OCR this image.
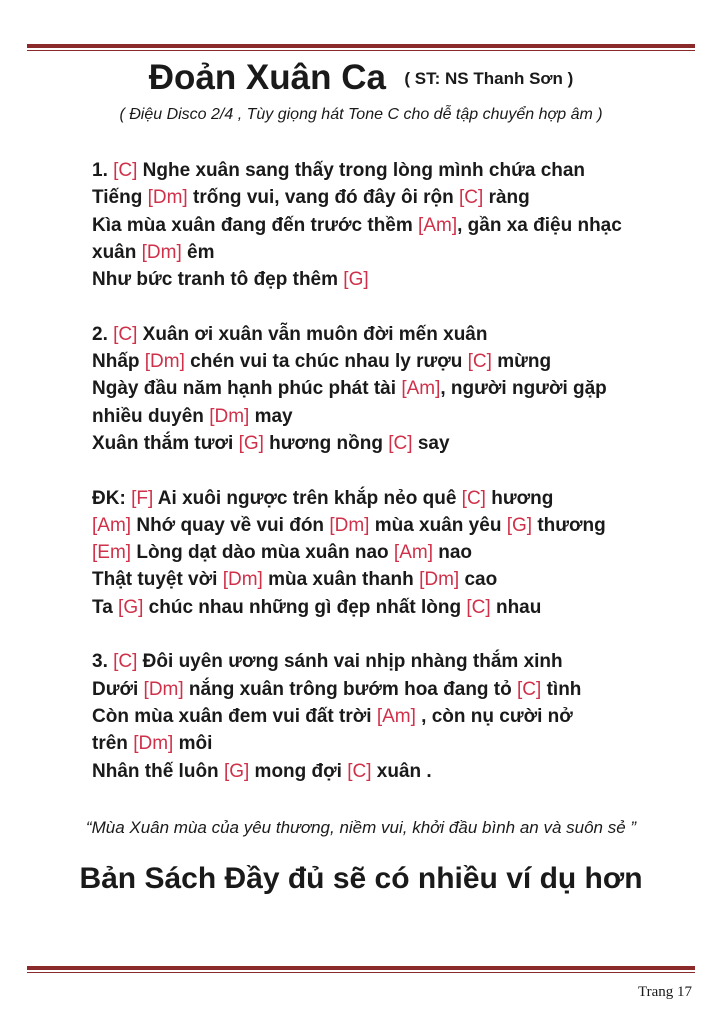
Đoản Xuân Ca ( ST: NS Thanh Sơn )
( Điệu Disco 2/4 , Tùy giọng hát Tone C cho dễ tập chuyển hợp âm )
1. [C] Nghe xuân sang thấy trong lòng mình chứa chan
Tiếng [Dm] trống vui, vang đó đây ôi rộn [C] ràng
Kìa mùa xuân đang đến trước thềm [Am], gần xa điệu nhạc
xuân [Dm] êm
Như bức tranh tô đẹp thêm [G]
2. [C] Xuân ơi xuân vẫn muôn đời mến xuân
Nhấp [Dm] chén vui ta chúc nhau ly rượu [C] mừng
Ngày đầu năm hạnh phúc phát tài [Am], người người gặp
nhiều duyên [Dm] may
Xuân thắm tươi [G] hương nồng [C] say
ĐK: [F] Ai xuôi ngược trên khắp nẻo quê [C] hương
[Am] Nhớ quay về vui đón [Dm] mùa xuân yêu [G] thương
[Em] Lòng dạt dào mùa xuân nao [Am] nao
Thật tuyệt vời [Dm] mùa xuân thanh [Dm] cao
Ta [G] chúc nhau những gì đẹp nhất lòng [C] nhau
3. [C] Đôi uyên ương sánh vai nhịp nhàng thắm xinh
Dưới [Dm] nắng xuân trông bướm hoa đang tỏ [C] tình
Còn mùa xuân đem vui đất trời [Am] , còn nụ cười nở
trên [Dm] môi
Nhân thế luôn [G] mong đợi [C] xuân .
“Mùa Xuân mùa của yêu thương, niềm vui, khởi đầu bình an và suôn sẻ ”
Bản Sách Đầy đủ sẽ có nhiều ví dụ hơn
Trang 17
